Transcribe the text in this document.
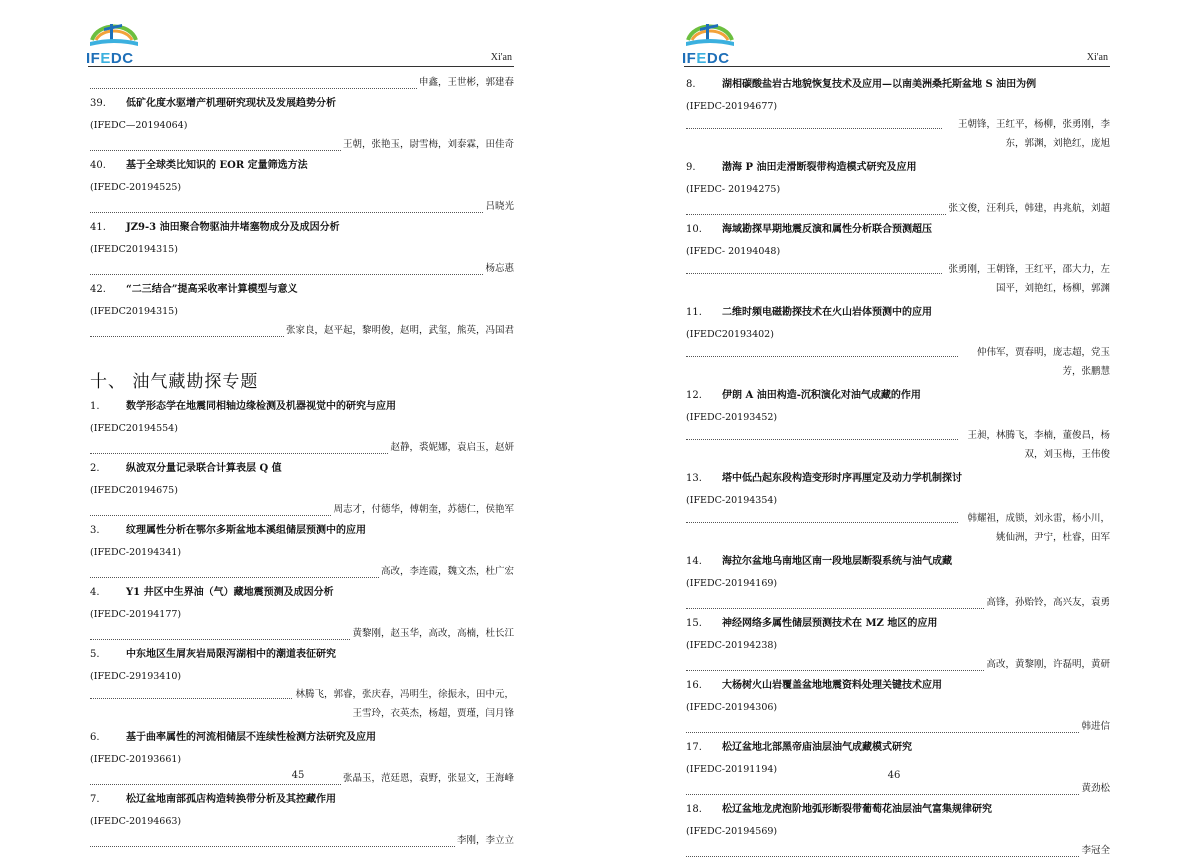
IFEDC	Xi'an
申鑫，王世彬，郭建春
39. 低矿化度水驱增产机理研究现状及发展趋势分析
(IFEDC—20194064)
王朝，张艳玉，尉雪梅，刘泰霖，田佳奇
40. 基于全球类比知识的 EOR 定量筛选方法
(IFEDC-20194525)
吕晓光
41. JZ9-3 油田聚合物驱油井堵塞物成分及成因分析
(IFEDC20194315)
杨忘惠
42. “二三结合”提高采收率计算模型与意义
(IFEDC20194315)
张家良，赵平起，黎明俊，赵明，武玺，熊英，冯国君
十、 油气藏勘探专题
1.	数学形态学在地震同相轴边缘检测及机器视觉中的研究与应用
(IFEDC20194554)
赵静，裘妮娜，袁启玉，赵妍
2.	纵波双分量记录联合计算表层 Q 值
(IFEDC20194675)
周志才，付德华，傅朝奎，苏德仁，侯艳军
3.	纹理属性分析在鄂尔多斯盆地本溪组储层预测中的应用
(IFEDC-20194341)
高改，李连霞，魏文杰，杜广宏
4.	Y1 井区中生界油（气）藏地震预测及成因分析
(IFEDC-20194177)
黄黎刚，赵玉华，高改，高楠，杜长江
5.	中东地区生屑灰岩局限泻湖相中的潮道表征研究
(IFEDC-29193410)
林腾飞，郭睿，张庆春，冯明生，徐振永，田中元，王雪玲，衣英杰，杨超，贾瑾，闫月锋
6.	基于曲率属性的河流相储层不连续性检测方法研究及应用
(IFEDC-20193661)
张晶玉，范廷恩，袁野，张显文，王海峰
7.	松辽盆地南部孤店构造转换带分析及其控藏作用
(IFEDC-20194663)
李刚，李立立
45
IFEDC	Xi'an
8.	湖相碳酸盐岩古地貌恢复技术及应用—以南美洲桑托斯盆地 S 油田为例
(IFEDC-20194677)
王朝锋，王红平，杨柳，张勇刚，李东，郭渊，刘艳红，庞旭
9.	渤海 P 油田走滑断裂带构造模式研究及应用
(IFEDC- 20194275)
张文俊，汪利兵，韩建，冉兆航，刘超
10. 海域勘探早期地震反演和属性分析联合预测超压
(IFEDC- 20194048)
张勇刚，王朝锋，王红平，邵大力，左国平，刘艳红，杨柳，郭渊
11. 二维时频电磁勘探技术在火山岩体预测中的应用
(IFEDC20193402)
仲伟军，贾春明，庞志超，党玉芳，张鹏慧
12. 伊朗 A 油田构造-沉积演化对油气成藏的作用
(IFEDC-20193452)
王昶，林腾飞，李楠，董俊昌，杨双，刘玉梅，王伟俊
13. 塔中低凸起东段构造变形时序再厘定及动力学机制探讨
(IFEDC-20194354)
韩耀祖，成锁，刘永雷，杨小川，姚仙洲，尹宁，杜睿，田军
14. 海拉尔盆地乌南地区南一段地层断裂系统与油气成藏
(IFEDC-20194169)
高锋，孙贻铃，高兴友，袁勇
15. 神经网络多属性储层预测技术在 MZ 地区的应用
(IFEDC-20194238)
高改，黄黎刚，许磊明，黄研
16. 大杨树火山岩覆盖盆地地震资料处理关键技术应用
(IFEDC-20194306)
韩进信
17. 松辽盆地北部黑帝庙油层油气成藏模式研究
(IFEDC-20191194)
黄劲松
18. 松辽盆地龙虎泡阶地弧形断裂带葡萄花油层油气富集规律研究
(IFEDC-20194569)
李冠全
46
